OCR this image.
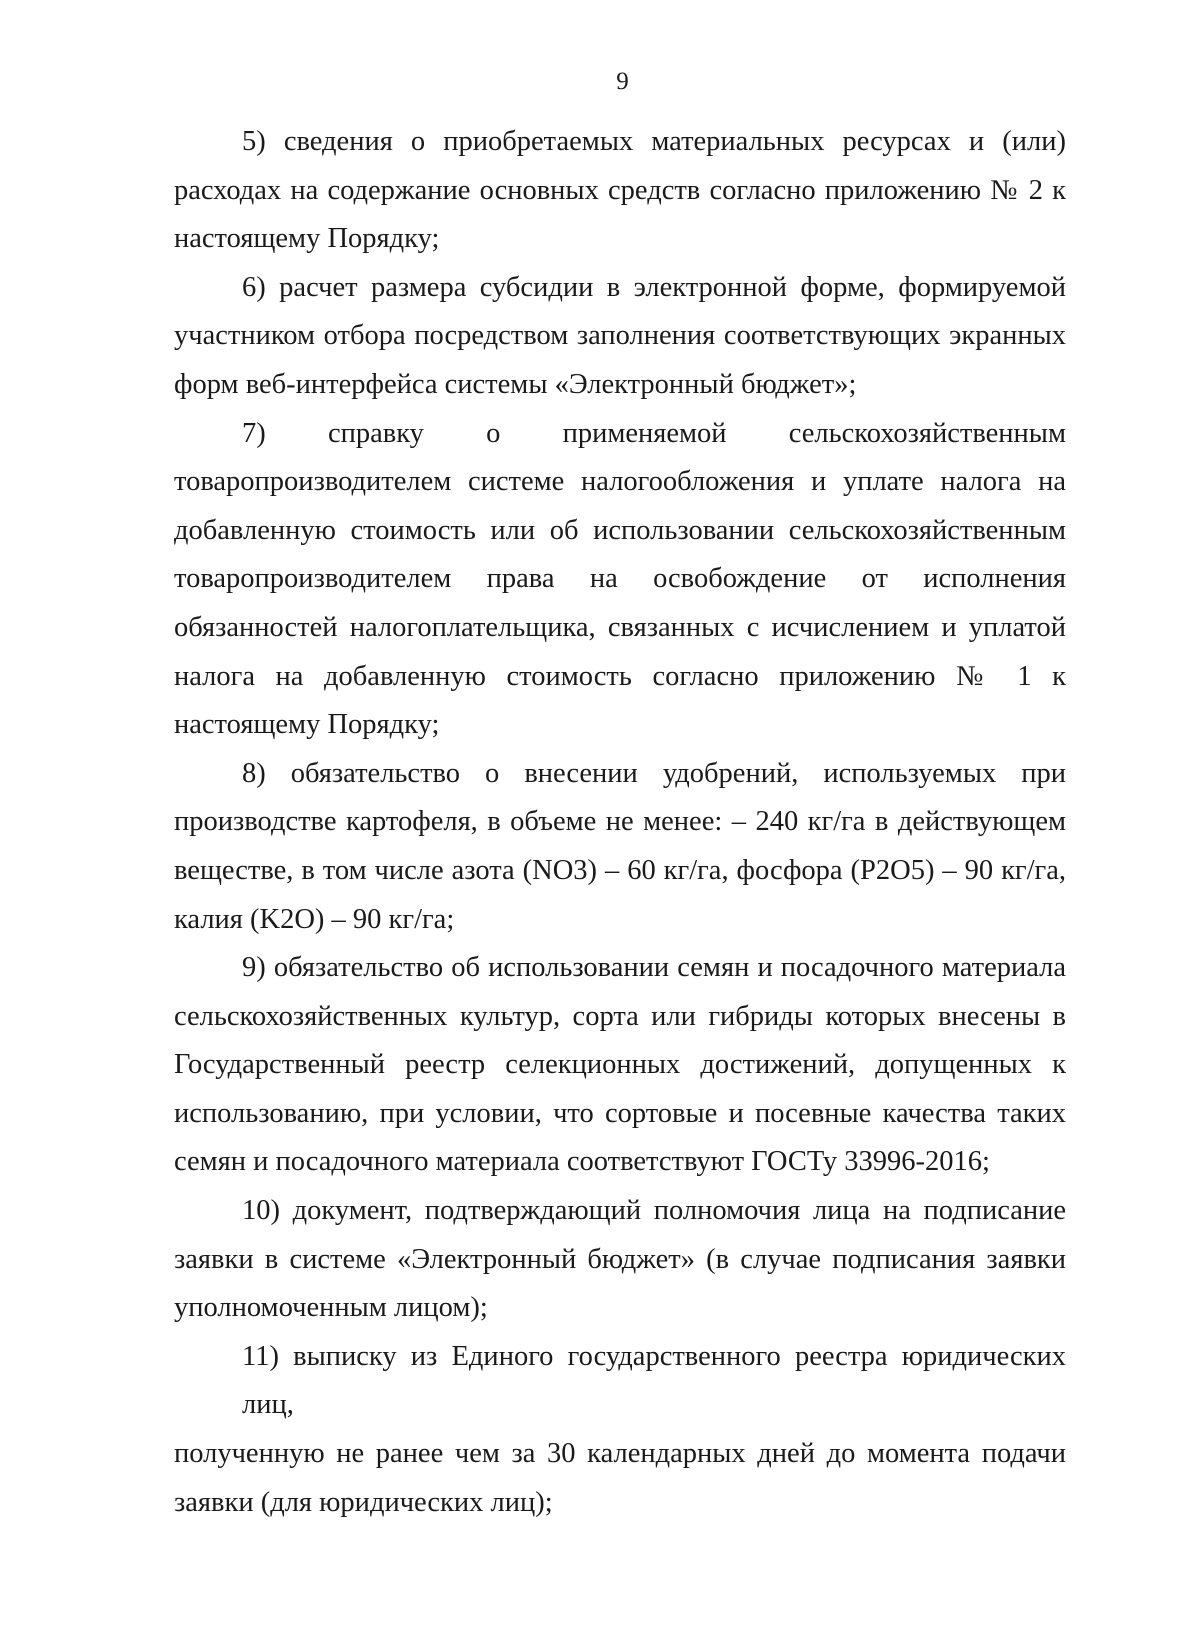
9
5) сведения о приобретаемых материальных ресурсах и (или)
расходах на содержание основных средств согласно приложению № 2 к
настоящему Порядку;
6) расчет размера субсидии в электронной форме, формируемой
участником отбора посредством заполнения соответствующих экранных
форм веб-интерфейса системы «Электронный бюджет»;
7) справку о применяемой сельскохозяйственным
товаропроизводителем системе налогообложения и уплате налога на
добавленную стоимость или об использовании сельскохозяйственным
товаропроизводителем права на освобождение от исполнения
обязанностей налогоплательщика, связанных с исчислением и уплатой
налога на добавленную стоимость согласно приложению № 1 к
настоящему Порядку;
8) обязательство о внесении удобрений, используемых при
производстве картофеля, в объеме не менее: – 240 кг/га в действующем
веществе, в том числе азота (NO3) – 60 кг/га, фосфора (P2O5) – 90 кг/га,
калия (K2O) – 90 кг/га;
9) обязательство об использовании семян и посадочного материала
сельскохозяйственных культур, сорта или гибриды которых внесены в
Государственный реестр селекционных достижений, допущенных к
использованию, при условии, что сортовые и посевные качества таких
семян и посадочного материала соответствуют ГОСТу 33996-2016;
10) документ, подтверждающий полномочия лица на подписание
заявки в системе «Электронный бюджет» (в случае подписания заявки
уполномоченным лицом);
11) выписку из Единого государственного реестра юридических лиц,
полученную не ранее чем за 30 календарных дней до момента подачи
заявки (для юридических лиц);
